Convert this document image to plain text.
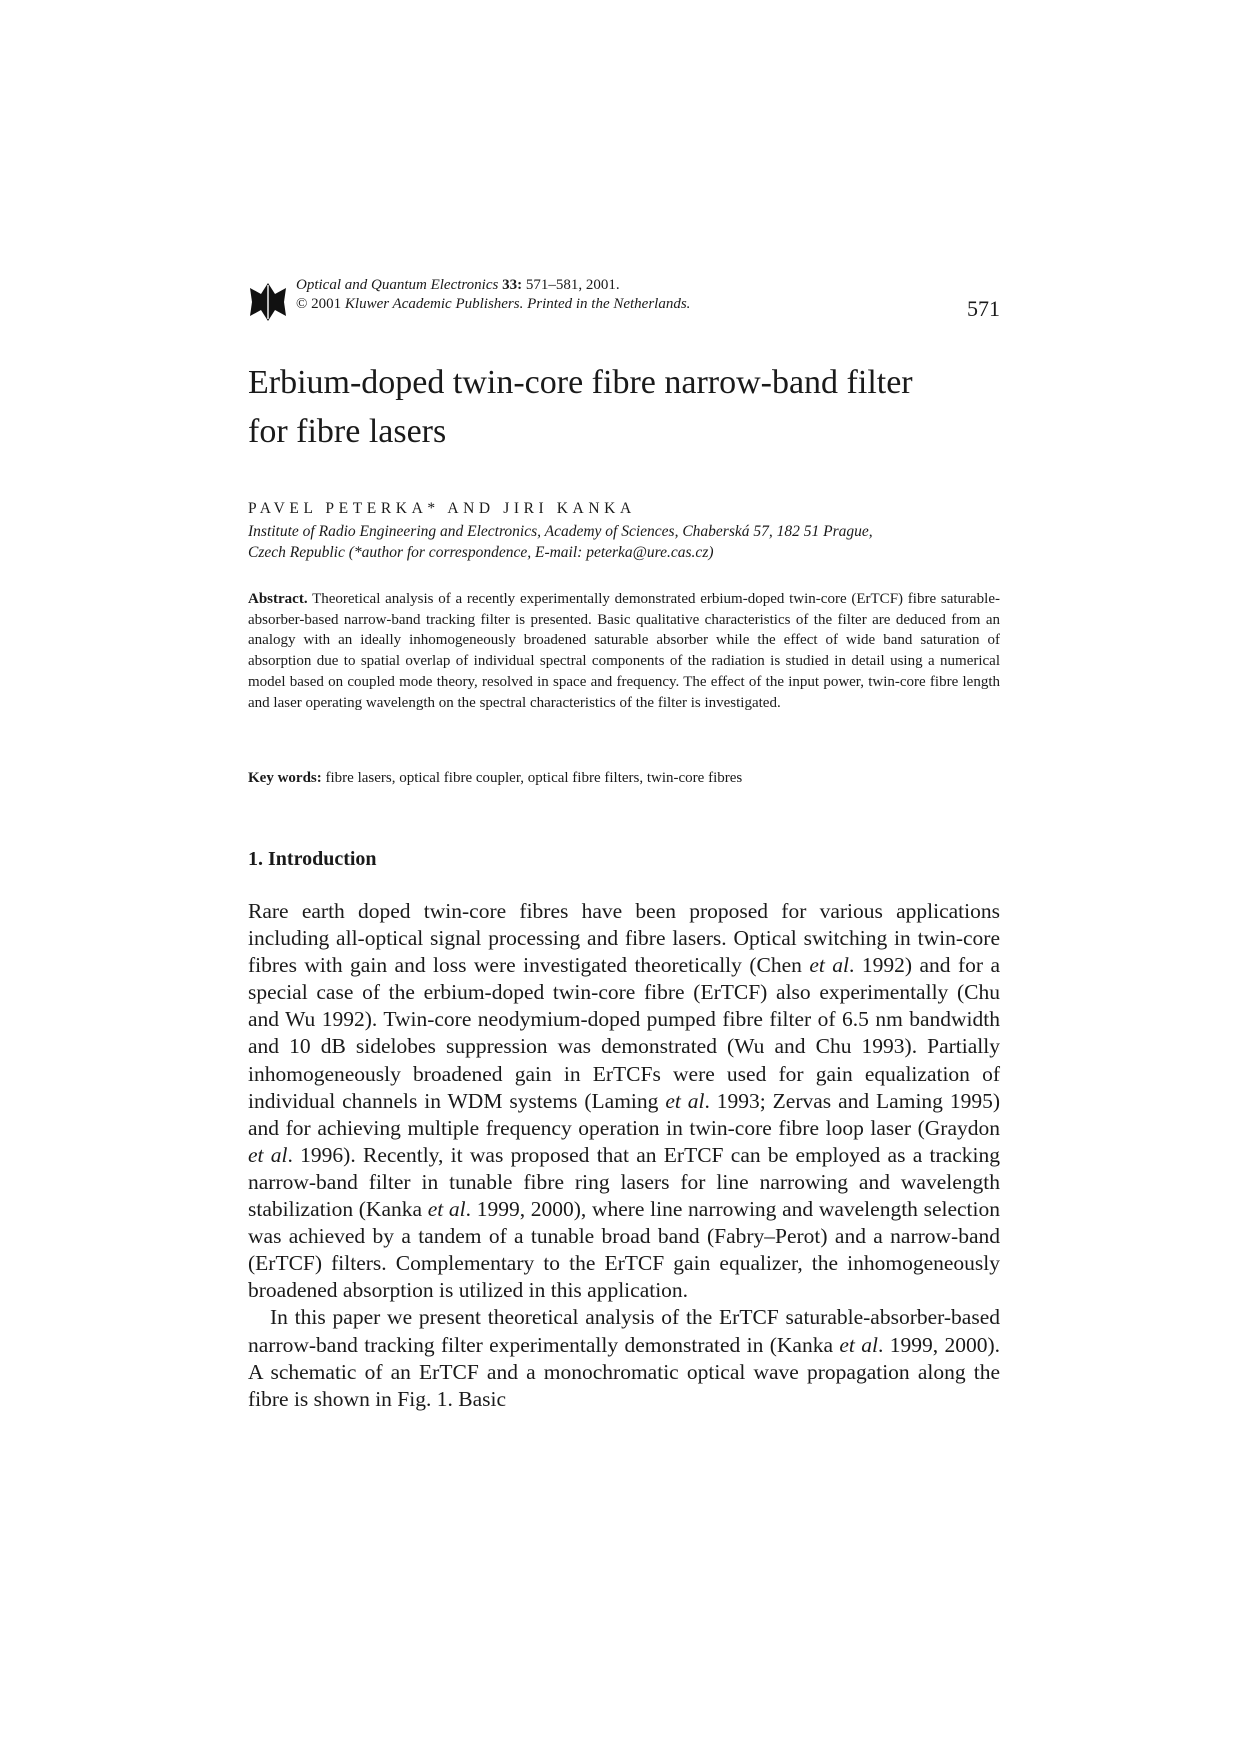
Optical and Quantum Electronics 33: 571–581, 2001.
© 2001 Kluwer Academic Publishers. Printed in the Netherlands.	571
Erbium-doped twin-core fibre narrow-band filter
for fibre lasers
PAVEL PETERKA* AND JIRI KANKA
Institute of Radio Engineering and Electronics, Academy of Sciences, Chaberská 57, 182 51 Prague,
Czech Republic (*author for correspondence, E-mail: peterka@ure.cas.cz)

Abstract. Theoretical analysis of a recently experimentally demonstrated erbium-doped twin-core (ErTCF) fibre saturable-absorber-based narrow-band tracking filter is presented. Basic qualitative characteristics of the filter are deduced from an analogy with an ideally inhomogeneously broadened saturable absorber while the effect of wide band saturation of absorption due to spatial overlap of individual spectral components of the radiation is studied in detail using a numerical model based on coupled mode theory, resolved in space and frequency. The effect of the input power, twin-core fibre length and laser operating wavelength on the spectral characteristics of the filter is investigated.

Key words: fibre lasers, optical fibre coupler, optical fibre filters, twin-core fibres
1. Introduction

Rare earth doped twin-core fibres have been proposed for various applications including all-optical signal processing and fibre lasers. Optical switching in twin-core fibres with gain and loss were investigated theoretically (Chen et al. 1992) and for a special case of the erbium-doped twin-core fibre (ErTCF) also experimentally (Chu and Wu 1992). Twin-core neodymium-doped pumped fibre filter of 6.5 nm bandwidth and 10 dB sidelobes suppression was demonstrated (Wu and Chu 1993). Partially inhomogeneously broadened gain in ErTCFs were used for gain equalization of individual channels in WDM systems (Laming et al. 1993; Zervas and Laming 1995) and for achieving multiple frequency operation in twin-core fibre loop laser (Graydon et al. 1996). Recently, it was proposed that an ErTCF can be employed as a tracking narrow-band filter in tunable fibre ring lasers for line narrowing and wavelength stabilization (Kanka et al. 1999, 2000), where line narrowing and wavelength selection was achieved by a tandem of a tunable broad band (Fabry–Perot) and a narrow-band (ErTCF) filters. Complementary to the ErTCF gain equalizer, the inhomogeneously broadened absorption is utilized in this application.

In this paper we present theoretical analysis of the ErTCF saturable-absorber-based narrow-band tracking filter experimentally demonstrated in (Kanka et al. 1999, 2000). A schematic of an ErTCF and a monochromatic optical wave propagation along the fibre is shown in Fig. 1. Basic
